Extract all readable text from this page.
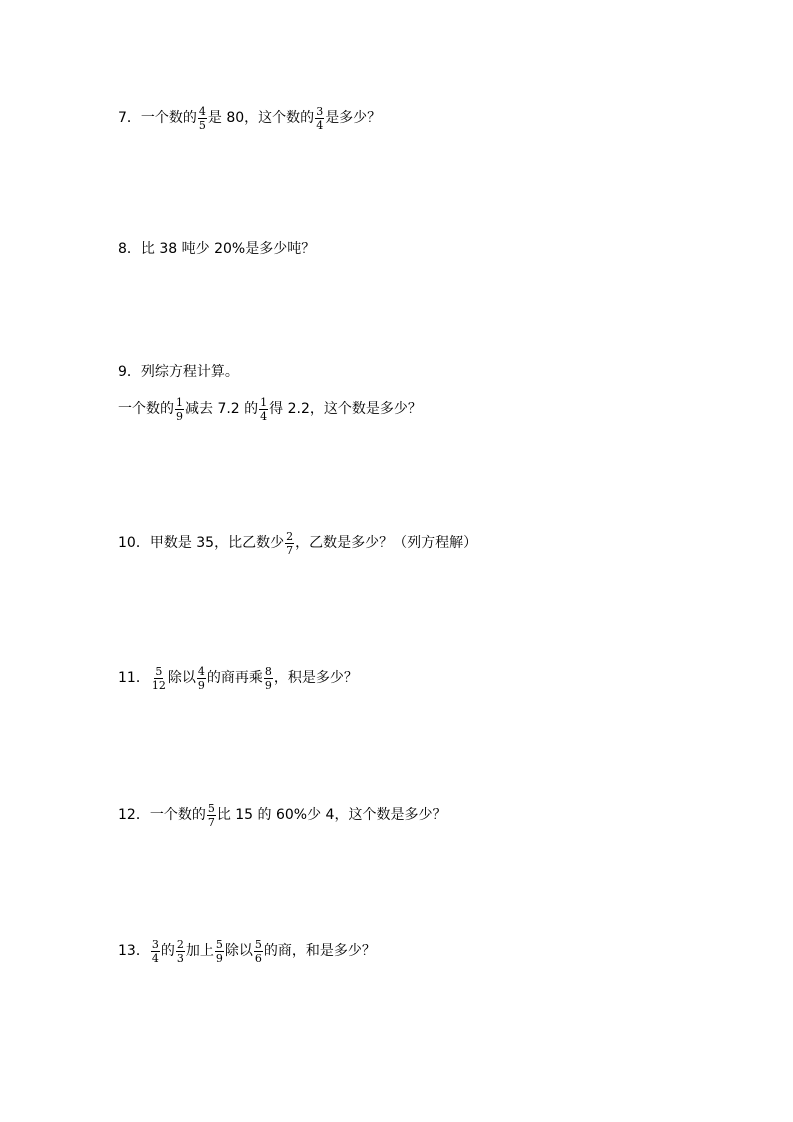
7． 一个数的 $\frac{4}{5}$ 是 80，这个数的 $\frac{3}{4}$ 是多少？
8． 比 38 吨少 20%是多少吨？
9． 列综方程计算。
一个数的 $\frac{1}{9}$ 减去 7.2 的 $\frac{1}{4}$ 得 2.2，这个数是多少？
10． 甲数是 35，比乙数少 $\frac{2}{7}$ ，乙数是多少？（列方程解）
11． $\frac{5}{12}$ 除以 $\frac{4}{9}$ 的商再乘 $\frac{8}{9}$ ，积是多少？
12． 一个数的 $\frac{5}{7}$ 比 15 的 60%少 4，这个数是多少？
13． $\frac{3}{4}$ 的 $\frac{2}{3}$ 加上 $\frac{5}{9}$ 除以 $\frac{5}{6}$ 的商，和是多少？
